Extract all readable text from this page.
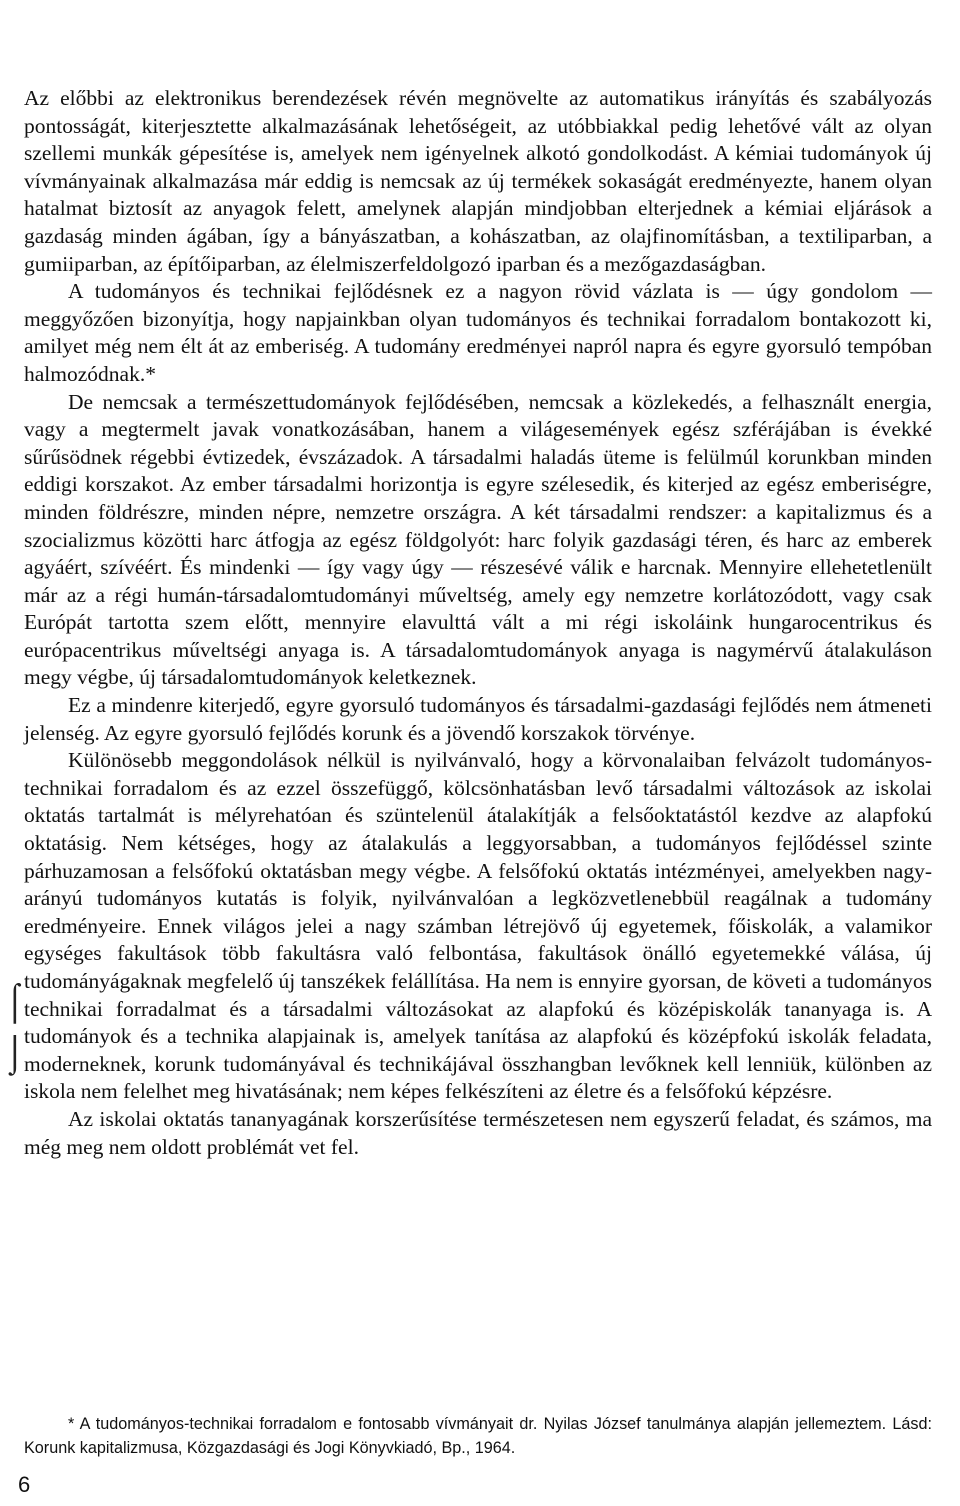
Az előbbi az elektronikus berendezések révén megnövelte az automatikus irányítás és szabályozás pontosságát, kiterjesztette alkalmazásának lehetőségeit, az utóbbiakkal pedig lehetővé vált az olyan szellemi munkák gépesítése is, amelyek nem igényelnek alkotó gondolkodást. A kémiai tudományok új vívmányainak alkalmazása már eddig is nemcsak az új termékek sokaságát eredményezte, hanem olyan hatalmat biztosít az anyagok felett, amelynek alapján mindjobban elterjednek a kémiai eljárások a gazdaság minden ágában, így a bányászatban, a kohászatban, az olajfinomításban, a textiliparban, a gumiiparban, az építőiparban, az élelmiszerfeldolgozó iparban és a mezőgazdaságban.

A tudományos és technikai fejlődésnek ez a nagyon rövid vázlata is — úgy gondolom — meggyőzően bizonyítja, hogy napjainkban olyan tudományos és technikai forradalom bontakozott ki, amilyet még nem élt át az emberiség. A tudomány eredményei napról napra és egyre gyorsuló tempóban halmozódnak.*

De nemcsak a természettudományok fejlődésében, nemcsak a közlekedés, a felhasznált energia, vagy a megtermelt javak vonatkozásában, hanem a világesemények egész szférájában is évekké sűrűsödnek régebbi évtizedek, évszázadok. A társadalmi haladás üteme is felülmúl korunkban minden eddigi korszakot. Az ember társadalmi horizontja is egyre szélesedik, és kiterjed az egész emberiségre, minden földrészre, minden népre, nemzetre országra. A két társadalmi rendszer: a kapitalizmus és a szocializmus közötti harc átfogja az egész földgolyót: harc folyik gazdasági téren, és harc az emberek agyáért, szívéért. És mindenki — így vagy úgy — részesévé válik e harcnak. Mennyire ellehetetlenült már az a régi humán-társadalomtudományi műveltség, amely egy nemzetre korlátozódott, vagy csak Európát tartotta szem előtt, mennyire elavulttá vált a mi régi iskoláink hungarocentrikus és európacentrikus műveltségi anyaga is. A társadalomtudományok anyaga is nagymérvű átalakuláson megy végbe, új társadalomtudományok keletkeznek.

Ez a mindenre kiterjedő, egyre gyorsuló tudományos és társadalmi-gazdasági fejlődés nem átmeneti jelenség. Az egyre gyorsuló fejlődés korunk és a jövendő korszakok törvénye.

Különösebb meggondolások nélkül is nyilvánvaló, hogy a körvonalaiban felvázolt tudományos-technikai forradalom és az ezzel összefüggő, kölcsönhatásban levő társadalmi változások az iskolai oktatás tartalmát is mélyrehatóan és szüntelenül átalakítják a felsőoktatástól kezdve az alapfokú oktatásig. Nem kétséges, hogy az átalakulás a leggyorsabban, a tudományos fejlődéssel szinte párhuzamosan a felsőfokú oktatásban megy végbe. A felsőfokú oktatás intézményei, amelyekben nagyarányú tudományos kutatás is folyik, nyilvánvalóan a legközvetlenebbül reagálnak a tudomány eredményeire. Ennek világos jelei a nagy számban létrejövő új egyetemek, főiskolák, a valamikor egységes fakultások több fakultásra való felbontása, fakultások önálló egyetemekké válása, új tudományágaknak megfelelő új tanszékek felállítása. Ha nem is ennyire gyorsan, de követi a tudományos technikai forradalmat és a társadalmi változásokat az alapfokú és középiskolák tananyaga is. A tudományok és a technika alapjainak is, amelyek tanítása az alapfokú és középfokú iskolák feladata, moderneknek, korunk tudományával és technikájával összhangban levőknek kell lenniük, különben az iskola nem felelhet meg hivatásának; nem képes felkészíteni az életre és a felsőfokú képzésre.

Az iskolai oktatás tananyagának korszerűsítése természetesen nem egyszerű feladat, és számos, ma még meg nem oldott problémát vet fel.

⌠
⌡

* A tudományos-technikai forradalom e fontosabb vívmányait dr. Nyilas József tanulmánya alapján jellemeztem. Lásd: Korunk kapitalizmusa, Közgazdasági és Jogi Könyvkiadó, Bp., 1964.

6
